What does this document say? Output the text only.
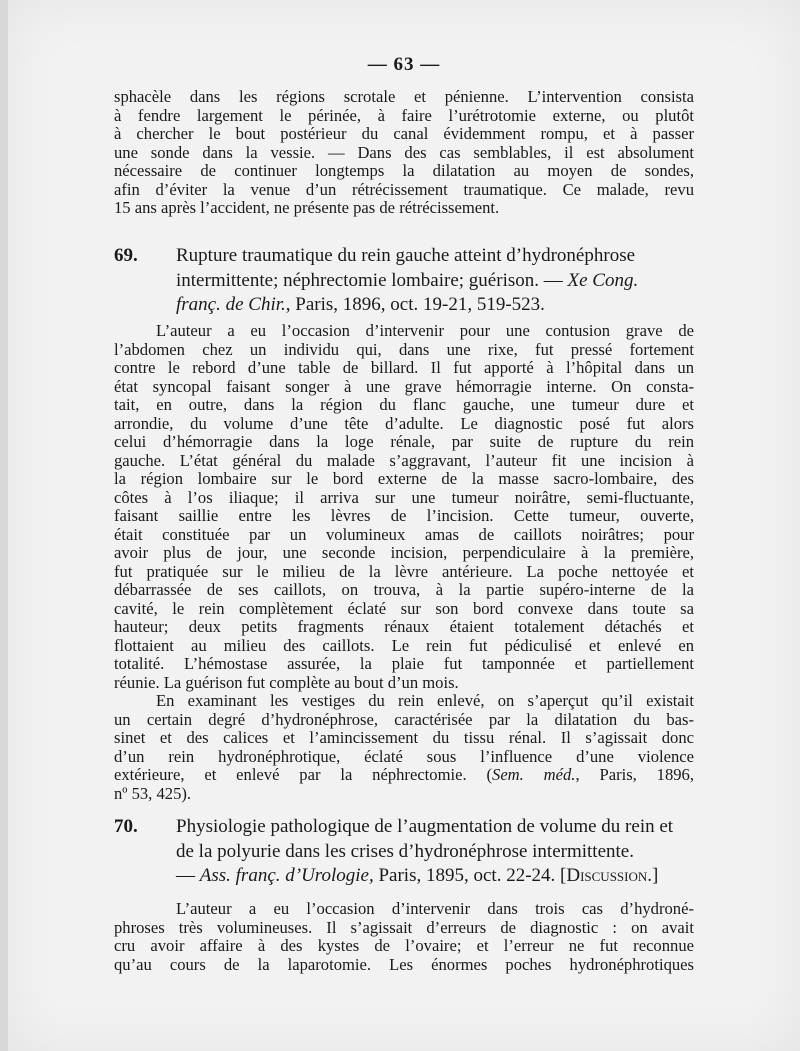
— 63 —
sphacèle dans les régions scrotale et pénienne. L’intervention consista
à fendre largement le périnée, à faire l’urétrotomie externe, ou plutôt
à chercher le bout postérieur du canal évidemment rompu, et à passer
une sonde dans la vessie. — Dans des cas semblables, il est absolument
nécessaire de continuer longtemps la dilatation au moyen de sondes,
afin d’éviter la venue d’un rétrécissement traumatique. Ce malade, revu
15 ans après l’accident, ne présente pas de rétrécissement.
69. Rupture traumatique du rein gauche atteint d’hydronéphrose
intermittente; néphrectomie lombaire; guérison. — Xe Cong.
franç. de Chir., Paris, 1896, oct. 19-21, 519-523.
L’auteur a eu l’occasion d’intervenir pour une contusion grave de
l’abdomen chez un individu qui, dans une rixe, fut pressé fortement
contre le rebord d’une table de billard. Il fut apporté à l’hôpital dans un
état syncopal faisant songer à une grave hémorragie interne. On consta-
tait, en outre, dans la région du flanc gauche, une tumeur dure et
arrondie, du volume d’une tête d’adulte. Le diagnostic posé fut alors
celui d’hémorragie dans la loge rénale, par suite de rupture du rein
gauche. L’état général du malade s’aggravant, l’auteur fit une incision à
la région lombaire sur le bord externe de la masse sacro-lombaire, des
côtes à l’os iliaque; il arriva sur une tumeur noirâtre, semi-fluctuante,
faisant saillie entre les lèvres de l’incision. Cette tumeur, ouverte,
était constituée par un volumineux amas de caillots noirâtres; pour
avoir plus de jour, une seconde incision, perpendiculaire à la première,
fut pratiquée sur le milieu de la lèvre antérieure. La poche nettoyée et
débarrassée de ses caillots, on trouva, à la partie supéro-interne de la
cavité, le rein complètement éclaté sur son bord convexe dans toute sa
hauteur; deux petits fragments rénaux étaient totalement détachés et
flottaient au milieu des caillots. Le rein fut pédiculisé et enlevé en
totalité. L’hémostase assurée, la plaie fut tamponnée et partiellement
réunie. La guérison fut complète au bout d’un mois.
En examinant les vestiges du rein enlevé, on s’aperçut qu’il existait
un certain degré d’hydronéphrose, caractérisée par la dilatation du bas-
sinet et des calices et l’amincissement du tissu rénal. Il s’agissait donc
d’un rein hydronéphrotique, éclaté sous l’influence d’une violence
extérieure, et enlevé par la néphrectomie. (Sem. méd., Paris, 1896,
nº 53, 425).
70. Physiologie pathologique de l’augmentation de volume du rein et
de la polyurie dans les crises d’hydronéphrose intermittente.
— Ass. franç. d’Urologie, Paris, 1895, oct. 22-24. [Discussion.]
L’auteur a eu l’occasion d’intervenir dans trois cas d’hydroné-
phroses très volumineuses. Il s’agissait d’erreurs de diagnostic : on avait
cru avoir affaire à des kystes de l’ovaire; et l’erreur ne fut reconnue
qu’au cours de la laparotomie. Les énormes poches hydronéphrotiques
